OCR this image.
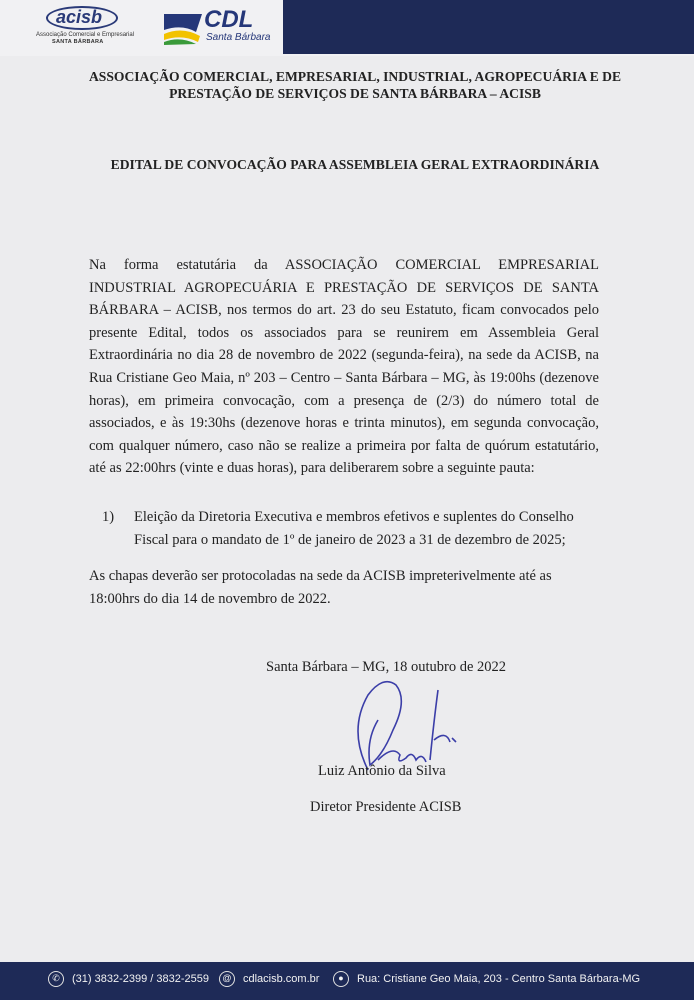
acisb
Associação Comercial e Empresarial
SANTA BÁRBARA
CDL
Santa Bárbara
ASSOCIAÇÃO COMERCIAL, EMPRESARIAL, INDUSTRIAL, AGROPECUÁRIA E DE PRESTAÇÃO DE SERVIÇOS DE SANTA BÁRBARA – ACISB
EDITAL DE CONVOCAÇÃO PARA ASSEMBLEIA GERAL EXTRAORDINÁRIA
Na forma estatutária da ASSOCIAÇÃO COMERCIAL EMPRESARIAL INDUSTRIAL AGROPECUÁRIA E PRESTAÇÃO DE SERVIÇOS DE SANTA BÁRBARA – ACISB, nos termos do art. 23 do seu Estatuto, ficam convocados pelo presente Edital, todos os associados para se reunirem em Assembleia Geral Extraordinária no dia 28 de novembro de 2022 (segunda-feira), na sede da ACISB, na Rua Cristiane Geo Maia, nº 203 – Centro – Santa Bárbara – MG, às 19:00hs (dezenove horas), em primeira convocação, com a presença de (2/3) do número total de associados, e às 19:30hs (dezenove horas e trinta minutos), em segunda convocação, com qualquer número, caso não se realize a primeira por falta de quórum estatutário, até as 22:00hrs (vinte e duas horas), para deliberarem sobre a seguinte pauta:
1) Eleição da Diretoria Executiva e membros efetivos e suplentes do Conselho Fiscal para o mandato de 1º de janeiro de 2023 a 31 de dezembro de 2025;
As chapas deverão ser protocoladas na sede da ACISB impreterivelmente até as 18:00hrs do dia 14 de novembro de 2022.
Santa Bárbara – MG, 18 outubro de 2022
Luiz Antônio da Silva
Diretor Presidente ACISB
✆	(31) 3832-2399 / 3832-2559	@	cdlacisb.com.br	●	Rua: Cristiane Geo Maia, 203 - Centro Santa Bárbara-MG
